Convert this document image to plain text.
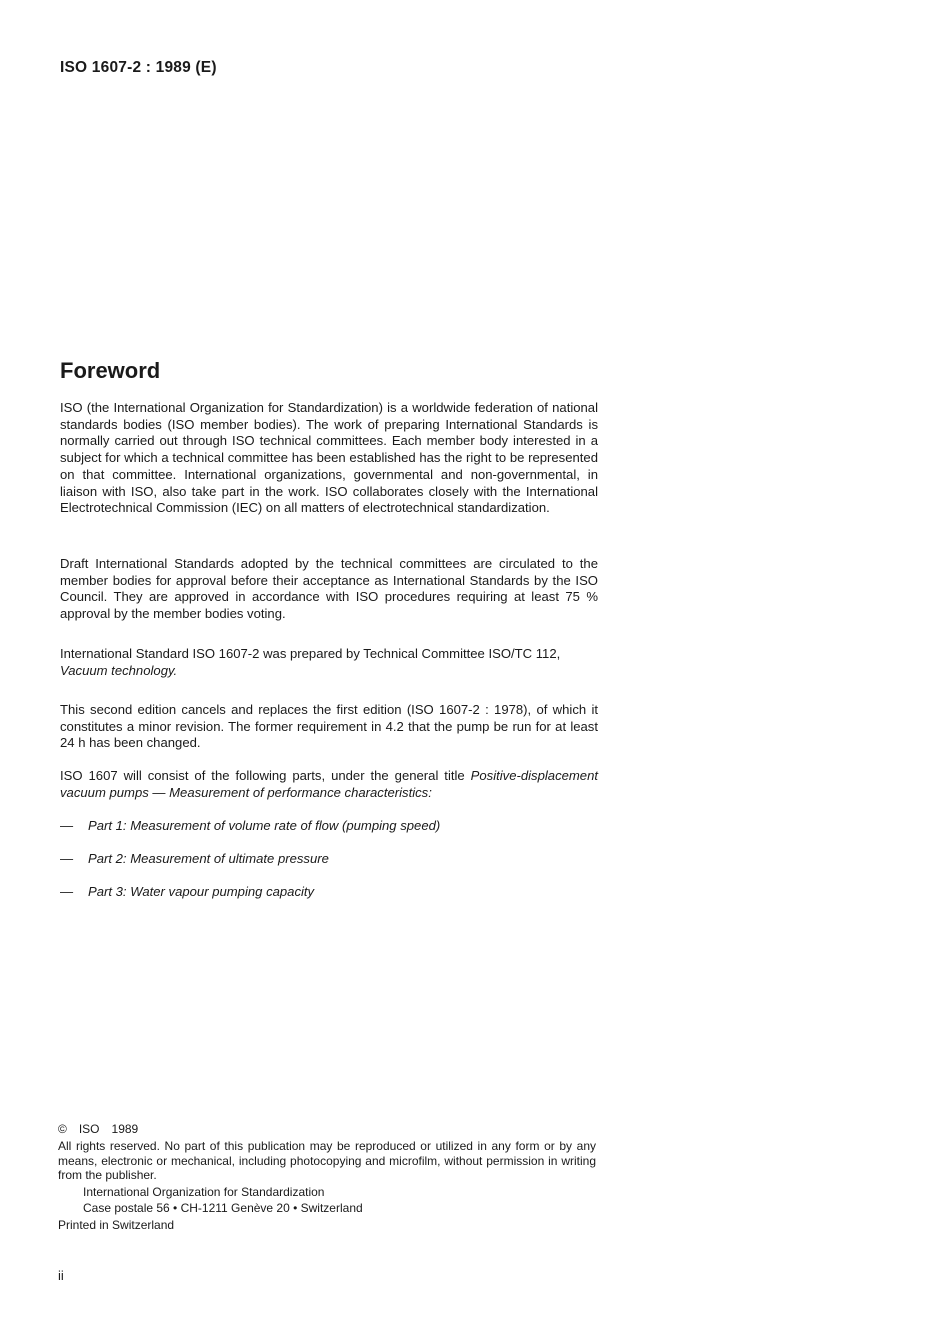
ISO 1607-2 : 1989 (E)
Foreword

ISO (the International Organization for Standardization) is a worldwide federation of national standards bodies (ISO member bodies). The work of preparing International Standards is normally carried out through ISO technical committees. Each member body interested in a subject for which a technical committee has been established has the right to be represented on that committee. International organizations, governmental and non-governmental, in liaison with ISO, also take part in the work. ISO collaborates closely with the International Electrotechnical Commission (IEC) on all matters of electrotechnical standardization.

Draft International Standards adopted by the technical committees are circulated to the member bodies for approval before their acceptance as International Standards by the ISO Council. They are approved in accordance with ISO procedures requiring at least 75 % approval by the member bodies voting.

International Standard ISO 1607-2 was prepared by Technical Committee ISO/TC 112,
Vacuum technology.

This second edition cancels and replaces the first edition (ISO 1607-2 : 1978), of which it constitutes a minor revision. The former requirement in 4.2 that the pump be run for at least 24 h has been changed.

ISO 1607 will consist of the following parts, under the general title Positive-displacement vacuum pumps — Measurement of performance characteristics:

— Part 1: Measurement of volume rate of flow (pumping speed)
— Part 2: Measurement of ultimate pressure
— Part 3: Water vapour pumping capacity
© ISO 1989

All rights reserved. No part of this publication may be reproduced or utilized in any form or by any means, electronic or mechanical, including photocopying and microfilm, without permission in writing from the publisher.

International Organization for Standardization
Case postale 56 • CH-1211 Genève 20 • Switzerland
Printed in Switzerland
ii
